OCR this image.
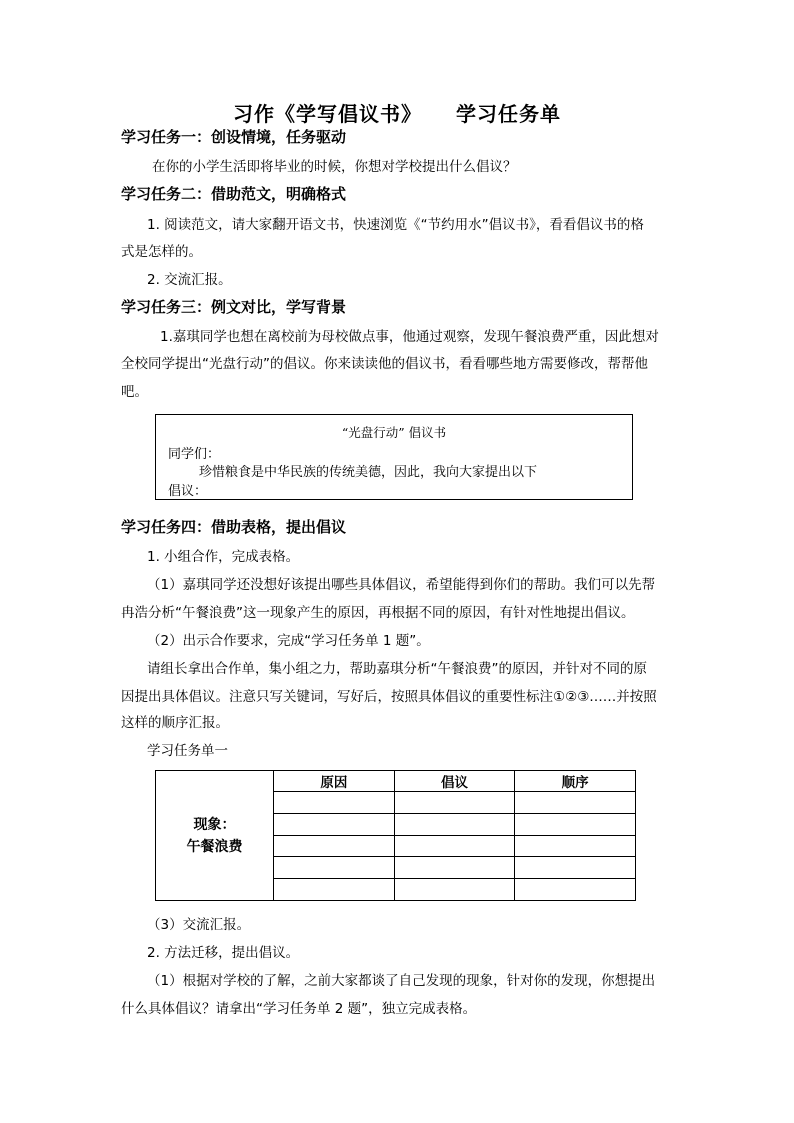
习作《学写倡议书》 学习任务单
学习任务一：创设情境，任务驱动
在你的小学生活即将毕业的时候，你想对学校提出什么倡议？
学习任务二：借助范文，明确格式
1. 阅读范文，请大家翻开语文书，快速浏览《“节约用水”倡议书》，看看倡议书的格
式是怎样的。
2. 交流汇报。
学习任务三：例文对比，学写背景
1.嘉琪同学也想在离校前为母校做点事，他通过观察，发现午餐浪费严重，因此想对
全校同学提出“光盘行动”的倡议。你来读读他的倡议书，看看哪些地方需要修改，帮帮他
吧。
“光盘行动” 倡议书
同学们：
珍惜粮食是中华民族的传统美德，因此，我向大家提出以下
倡议：
学习任务四：借助表格，提出倡议
1. 小组合作，完成表格。
（1）嘉琪同学还没想好该提出哪些具体倡议，希望能得到你们的帮助。我们可以先帮
冉浩分析“午餐浪费”这一现象产生的原因，再根据不同的原因，有针对性地提出倡议。
（2）出示合作要求，完成“学习任务单 1 题”。
请组长拿出合作单，集小组之力，帮助嘉琪分析“午餐浪费”的原因，并针对不同的原
因提出具体倡议。注意只写关键词，写好后，按照具体倡议的重要性标注①②③……并按照
这样的顺序汇报。
学习任务单一
现象：
午餐浪费	原因	倡议	顺序

（3）交流汇报。
2. 方法迁移，提出倡议。
（1）根据对学校的了解，之前大家都谈了自己发现的现象，针对你的发现，你想提出
什么具体倡议？请拿出“学习任务单 2 题”，独立完成表格。
